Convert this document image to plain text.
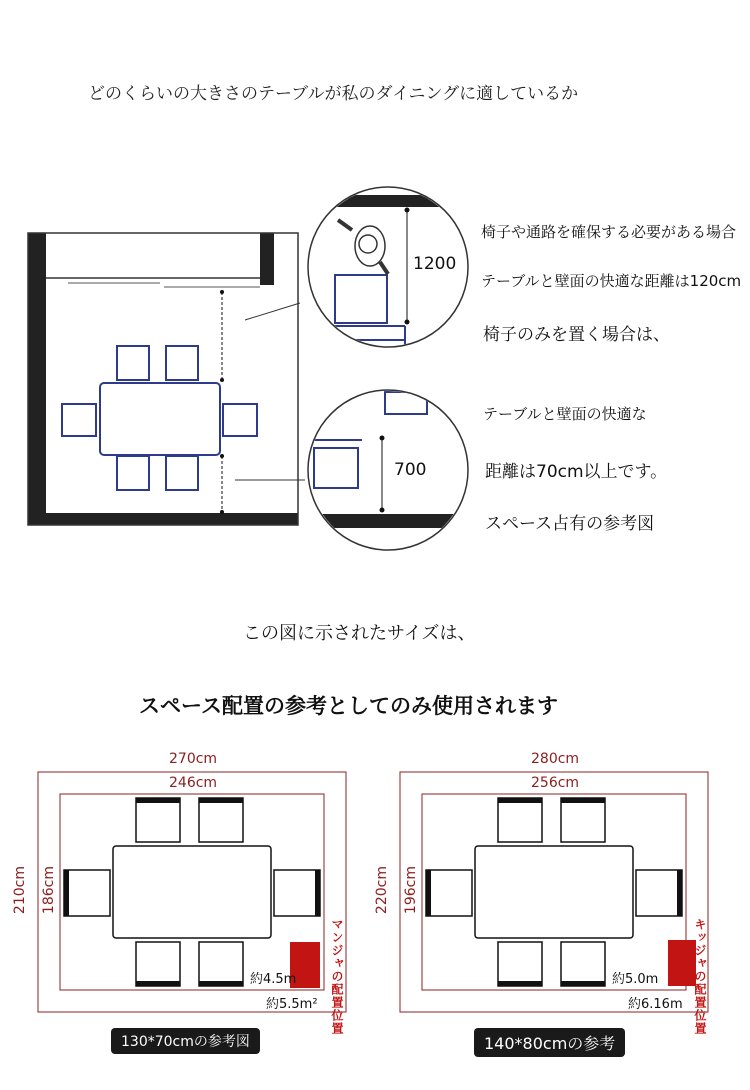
どのくらいの大きさのテーブルが私のダイニングに適しているか
1200
700
椅子や通路を確保する必要がある場合
テーブルと壁面の快適な距離は120cm
椅子のみを置く場合は、
テーブルと壁面の快適な
距離は70cm以上です。
スペース占有の参考図
この図に示されたサイズは、
スペース配置の参考としてのみ使用されます
270cm
246cm
210cm 186cm
約4.5m
約5.5m²
130*70cmの参考図
マンジャの配置位置
280cm
256cm
220cm 196cm
約5.0m
約6.16m
140*80cmの参考
キッジャの配置位置
